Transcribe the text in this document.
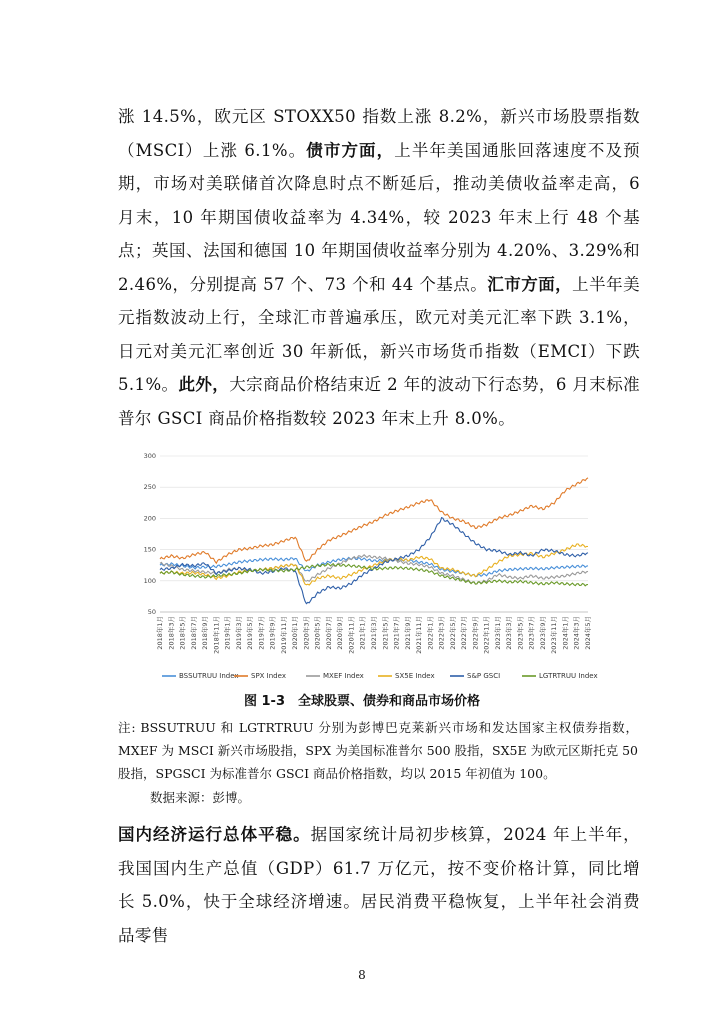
涨 14.5%，欧元区 STOXX50 指数上涨 8.2%，新兴市场股票指数（MSCI）上涨 6.1%。债市方面，上半年美国通胀回落速度不及预期，市场对美联储首次降息时点不断延后，推动美债收益率走高，6 月末，10 年期国债收益率为 4.34%，较 2023 年末上行 48 个基点；英国、法国和德国 10 年期国债收益率分别为 4.20%、3.29%和 2.46%，分别提高 57 个、73 个和 44 个基点。汇市方面，上半年美元指数波动上行，全球汇市普遍承压，欧元对美元汇率下跌 3.1%，日元对美元汇率创近 30 年新低，新兴市场货币指数（EMCI）下跌 5.1%。此外，大宗商品价格结束近 2 年的波动下行态势，6 月末标准普尔 GSCI 商品价格指数较 2023 年末上升 8.0%。
300
250
200
150
100
50
2018年1月 2018年3月 2018年5月 2018年7月 2018年9月 2018年11月 2019年1月 2019年3月 2019年5月 2019年7月 2019年9月 2019年11月 2020年1月 2020年3月 2020年5月 2020年7月 2020年9月 2020年11月 2021年1月 2021年3月 2021年5月 2021年7月 2021年9月 2021年11月 2022年1月 2022年3月 2022年5月 2022年7月 2022年9月 2022年11月 2023年1月 2023年3月 2023年5月 2023年7月 2023年9月 2023年11月 2024年1月 2024年3月 2024年5月
BSSUTRUU Index SPX Index	MXEF Index	SX5E Index	S&P GSCI	LGTRTRUU Index
图 1-3　全球股票、债券和商品市场价格
注: BSSUTRUU 和 LGTRTRUU 分别为彭博巴克莱新兴市场和发达国家主权债券指数，MXEF 为 MSCI 新兴市场股指，SPX 为美国标准普尔 500 股指，SX5E 为欧元区斯托克 50 股指，SPGSCI 为标准普尔 GSCI 商品价格指数，均以 2015 年初值为 100。
数据来源：彭博。
国内经济运行总体平稳。据国家统计局初步核算，2024 年上半年，我国国内生产总值（GDP）61.7 万亿元，按不变价格计算，同比增长 5.0%，快于全球经济增速。居民消费平稳恢复，上半年社会消费品零售
8
